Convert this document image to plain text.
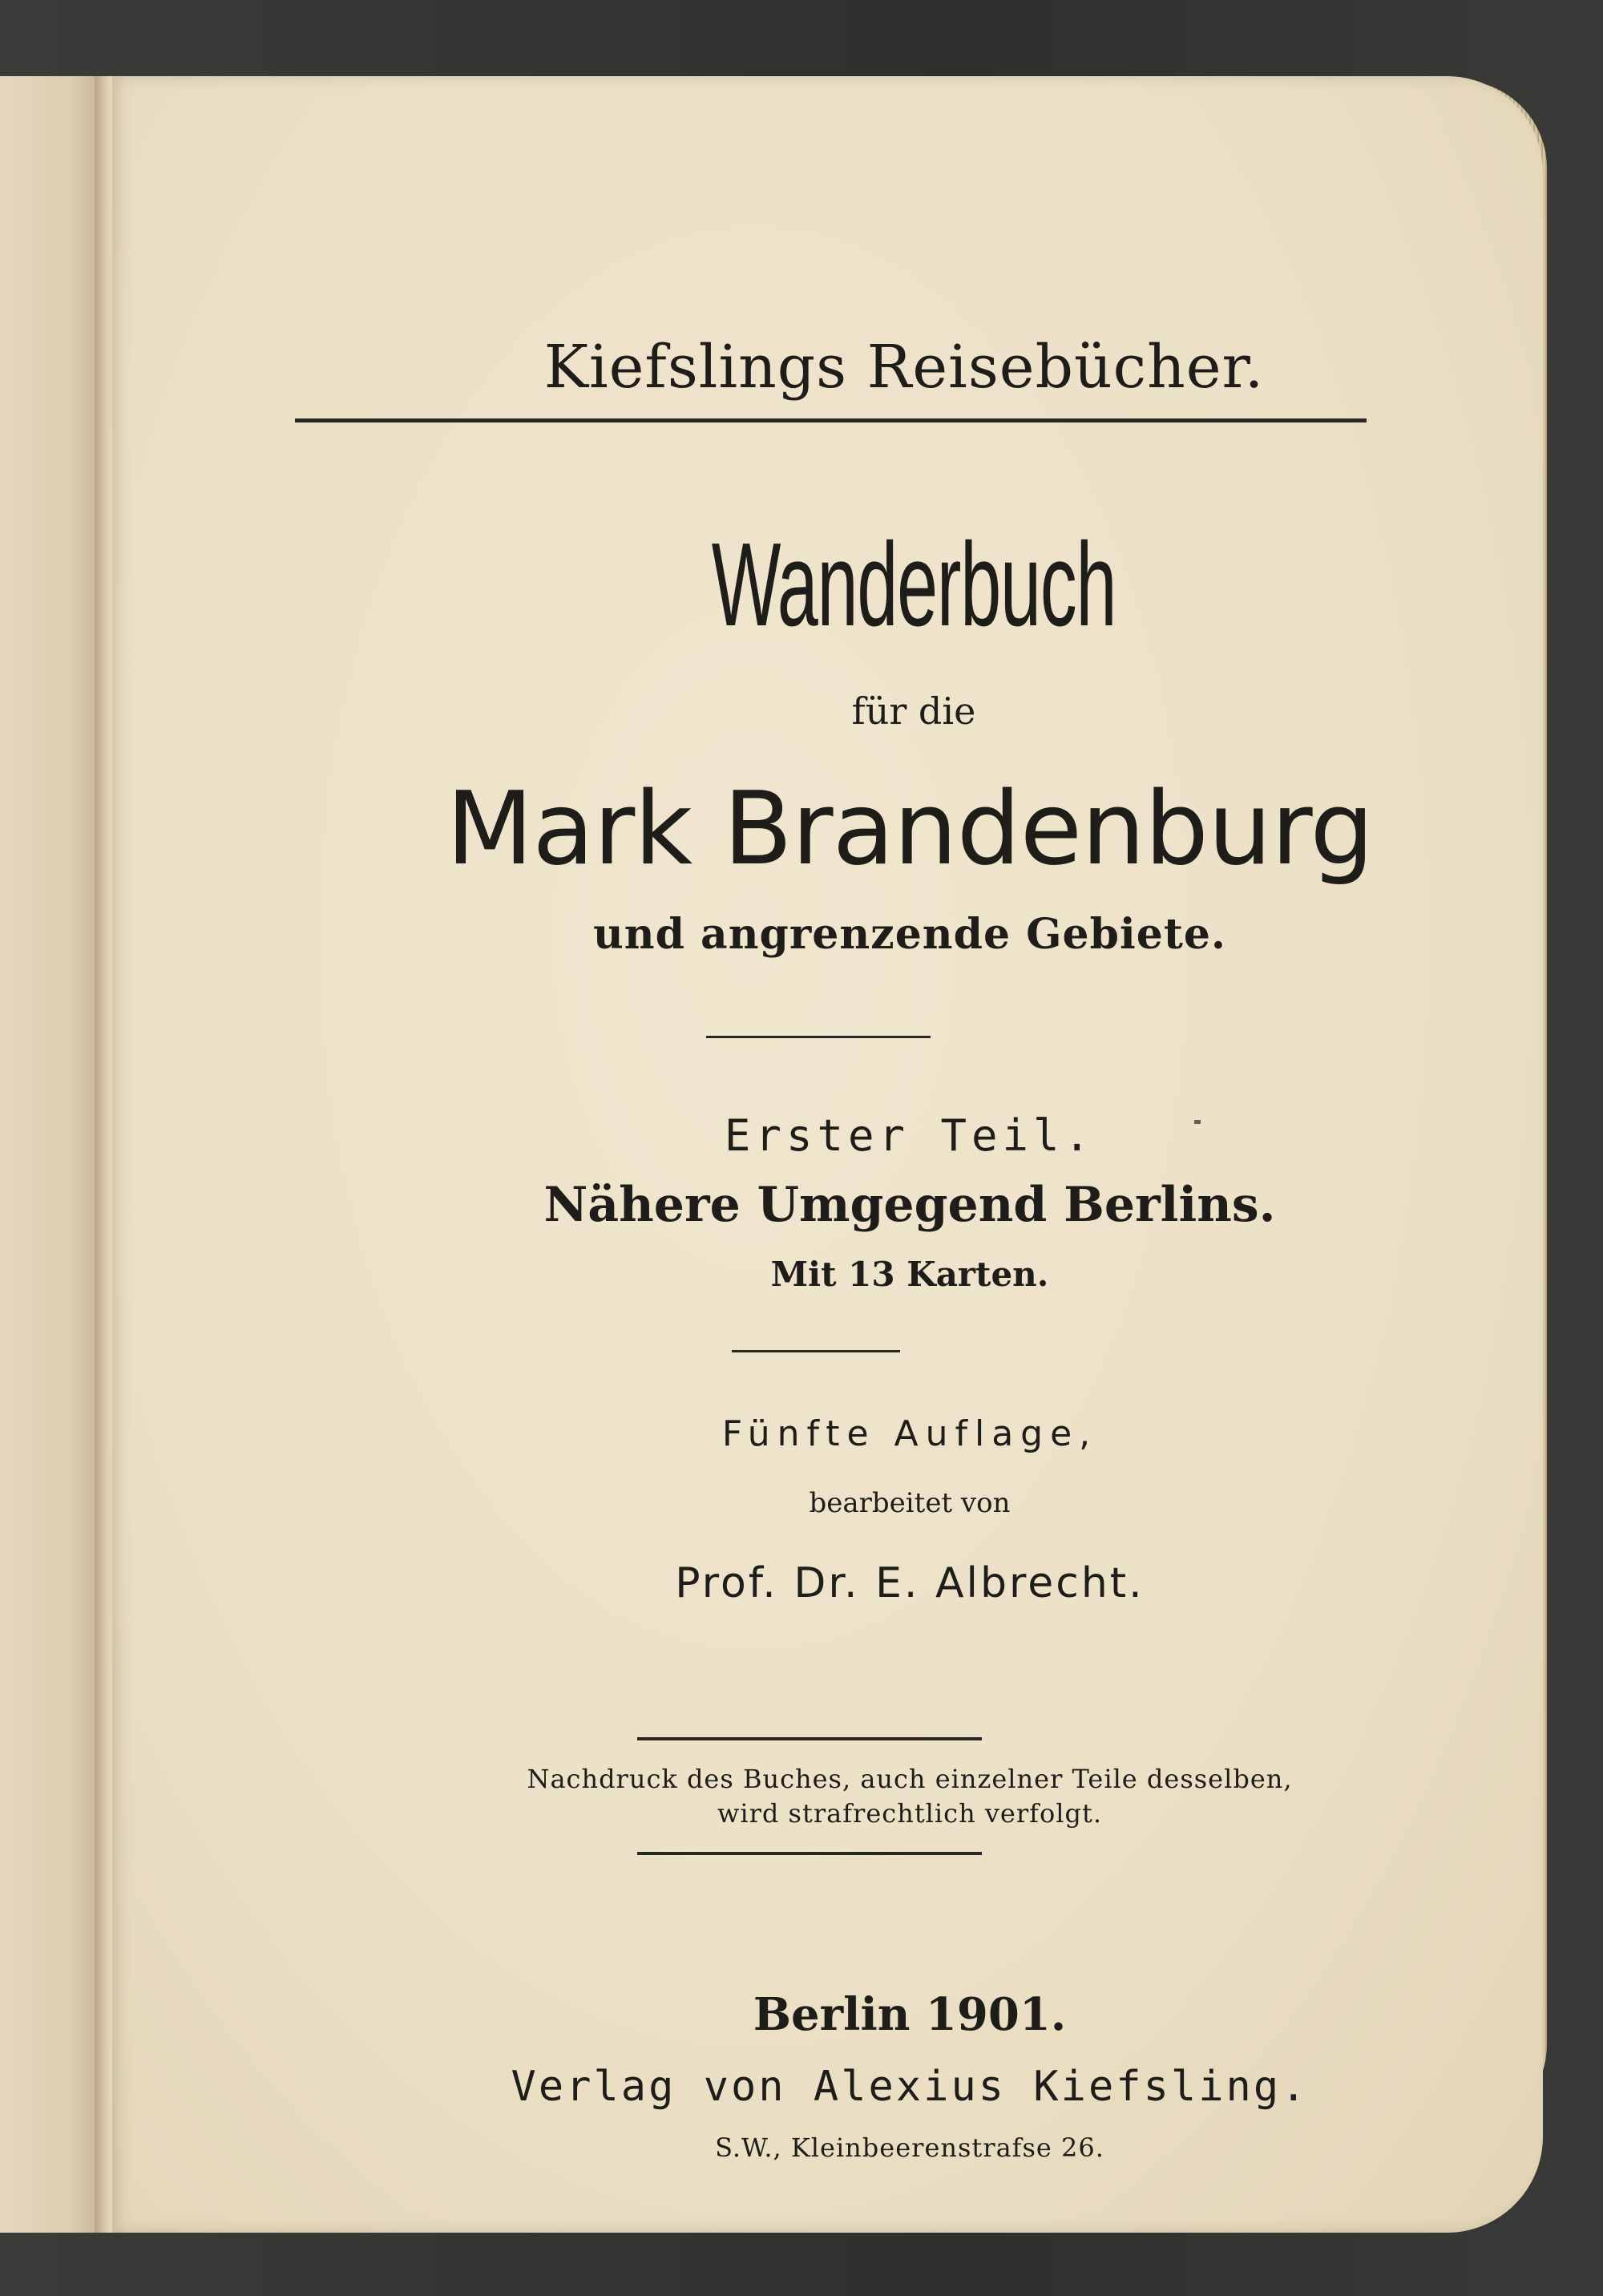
Kiefslings Reisebücher.
Wanderbuch
für die
Mark Brandenburg
und angrenzende Gebiete.
Erster Teil.
Nähere Umgegend Berlins.
Mit 13 Karten.
Fünfte Auflage,
bearbeitet von
Prof. Dr. E. Albrecht.
Nachdruck des Buches, auch einzelner Teile desselben,
wird strafrechtlich verfolgt.
Berlin 1901.
Verlag von Alexius Kiefsling.
S.W., Kleinbeerenstrafse 26.
